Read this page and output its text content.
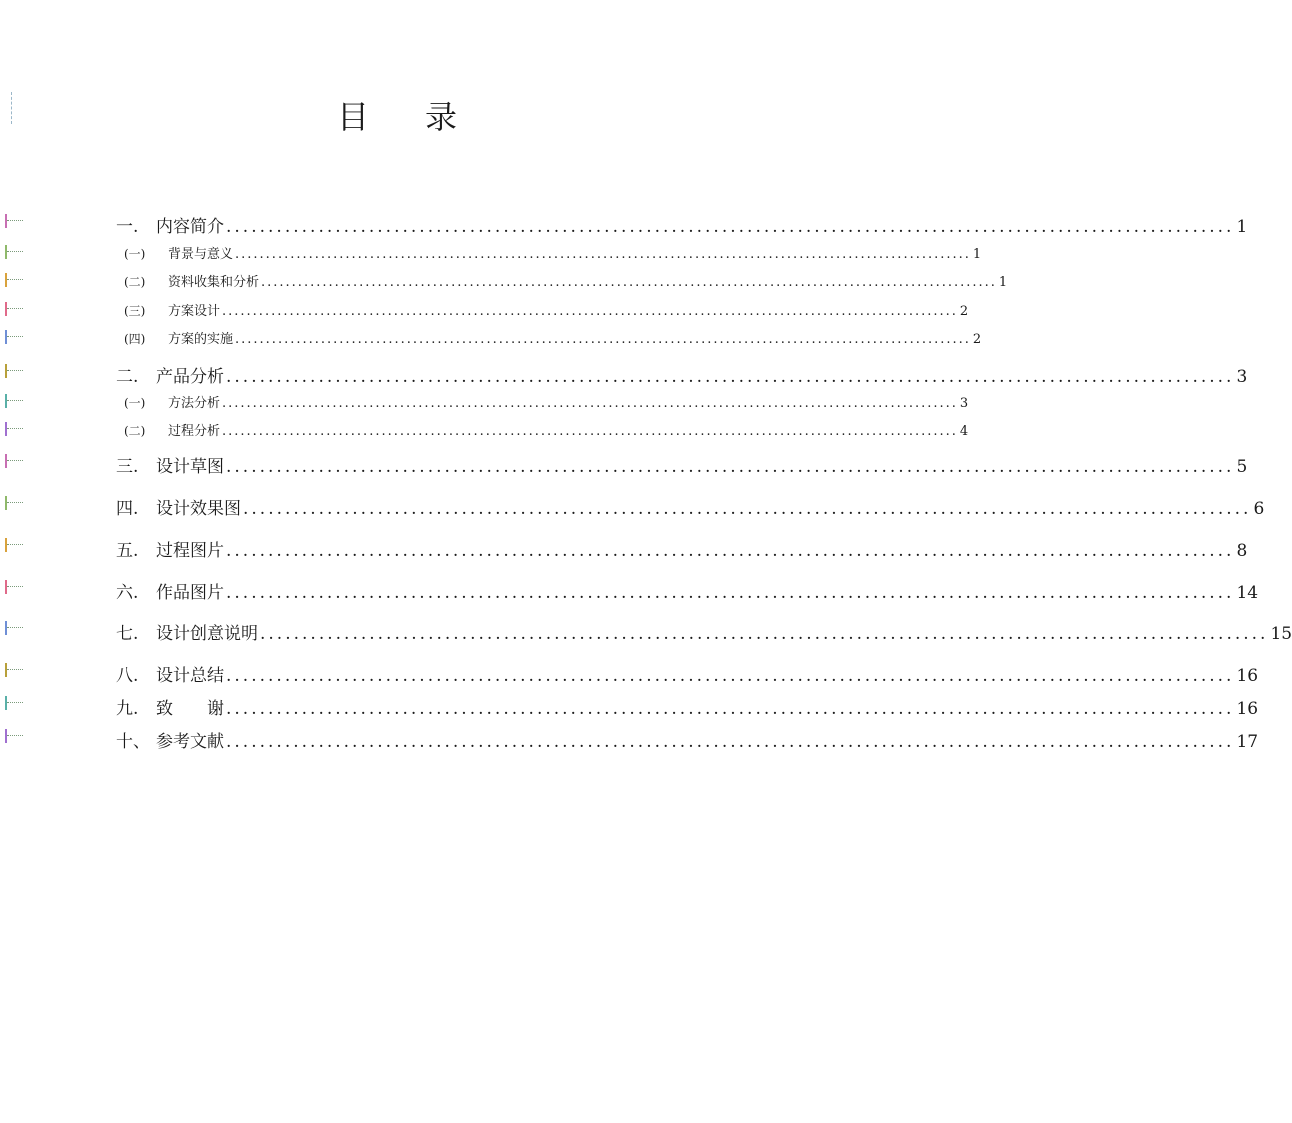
目 录
一.	内容简介 ........................................................................................................................ 1
(一)	背景与意义 ........................................................................................................................ 1
(二)	资料收集和分析 ........................................................................................................................ 1
(三)	方案设计 ........................................................................................................................ 2
(四)	方案的实施 ........................................................................................................................ 2
二.	产品分析 ........................................................................................................................ 3
(一)	方法分析 ........................................................................................................................ 3
(二)	过程分析 ........................................................................................................................ 4
三.	设计草图 ........................................................................................................................ 5
四.	设计效果图 ........................................................................................................................ 6
五.	过程图片 ........................................................................................................................ 8
六.	作品图片 ........................................................................................................................ 14
七.	设计创意说明 ........................................................................................................................ 15
八.	设计总结 ........................................................................................................................ 16
九.	致　　谢 ........................................................................................................................ 16
十、 参考文献 ........................................................................................................................ 17
